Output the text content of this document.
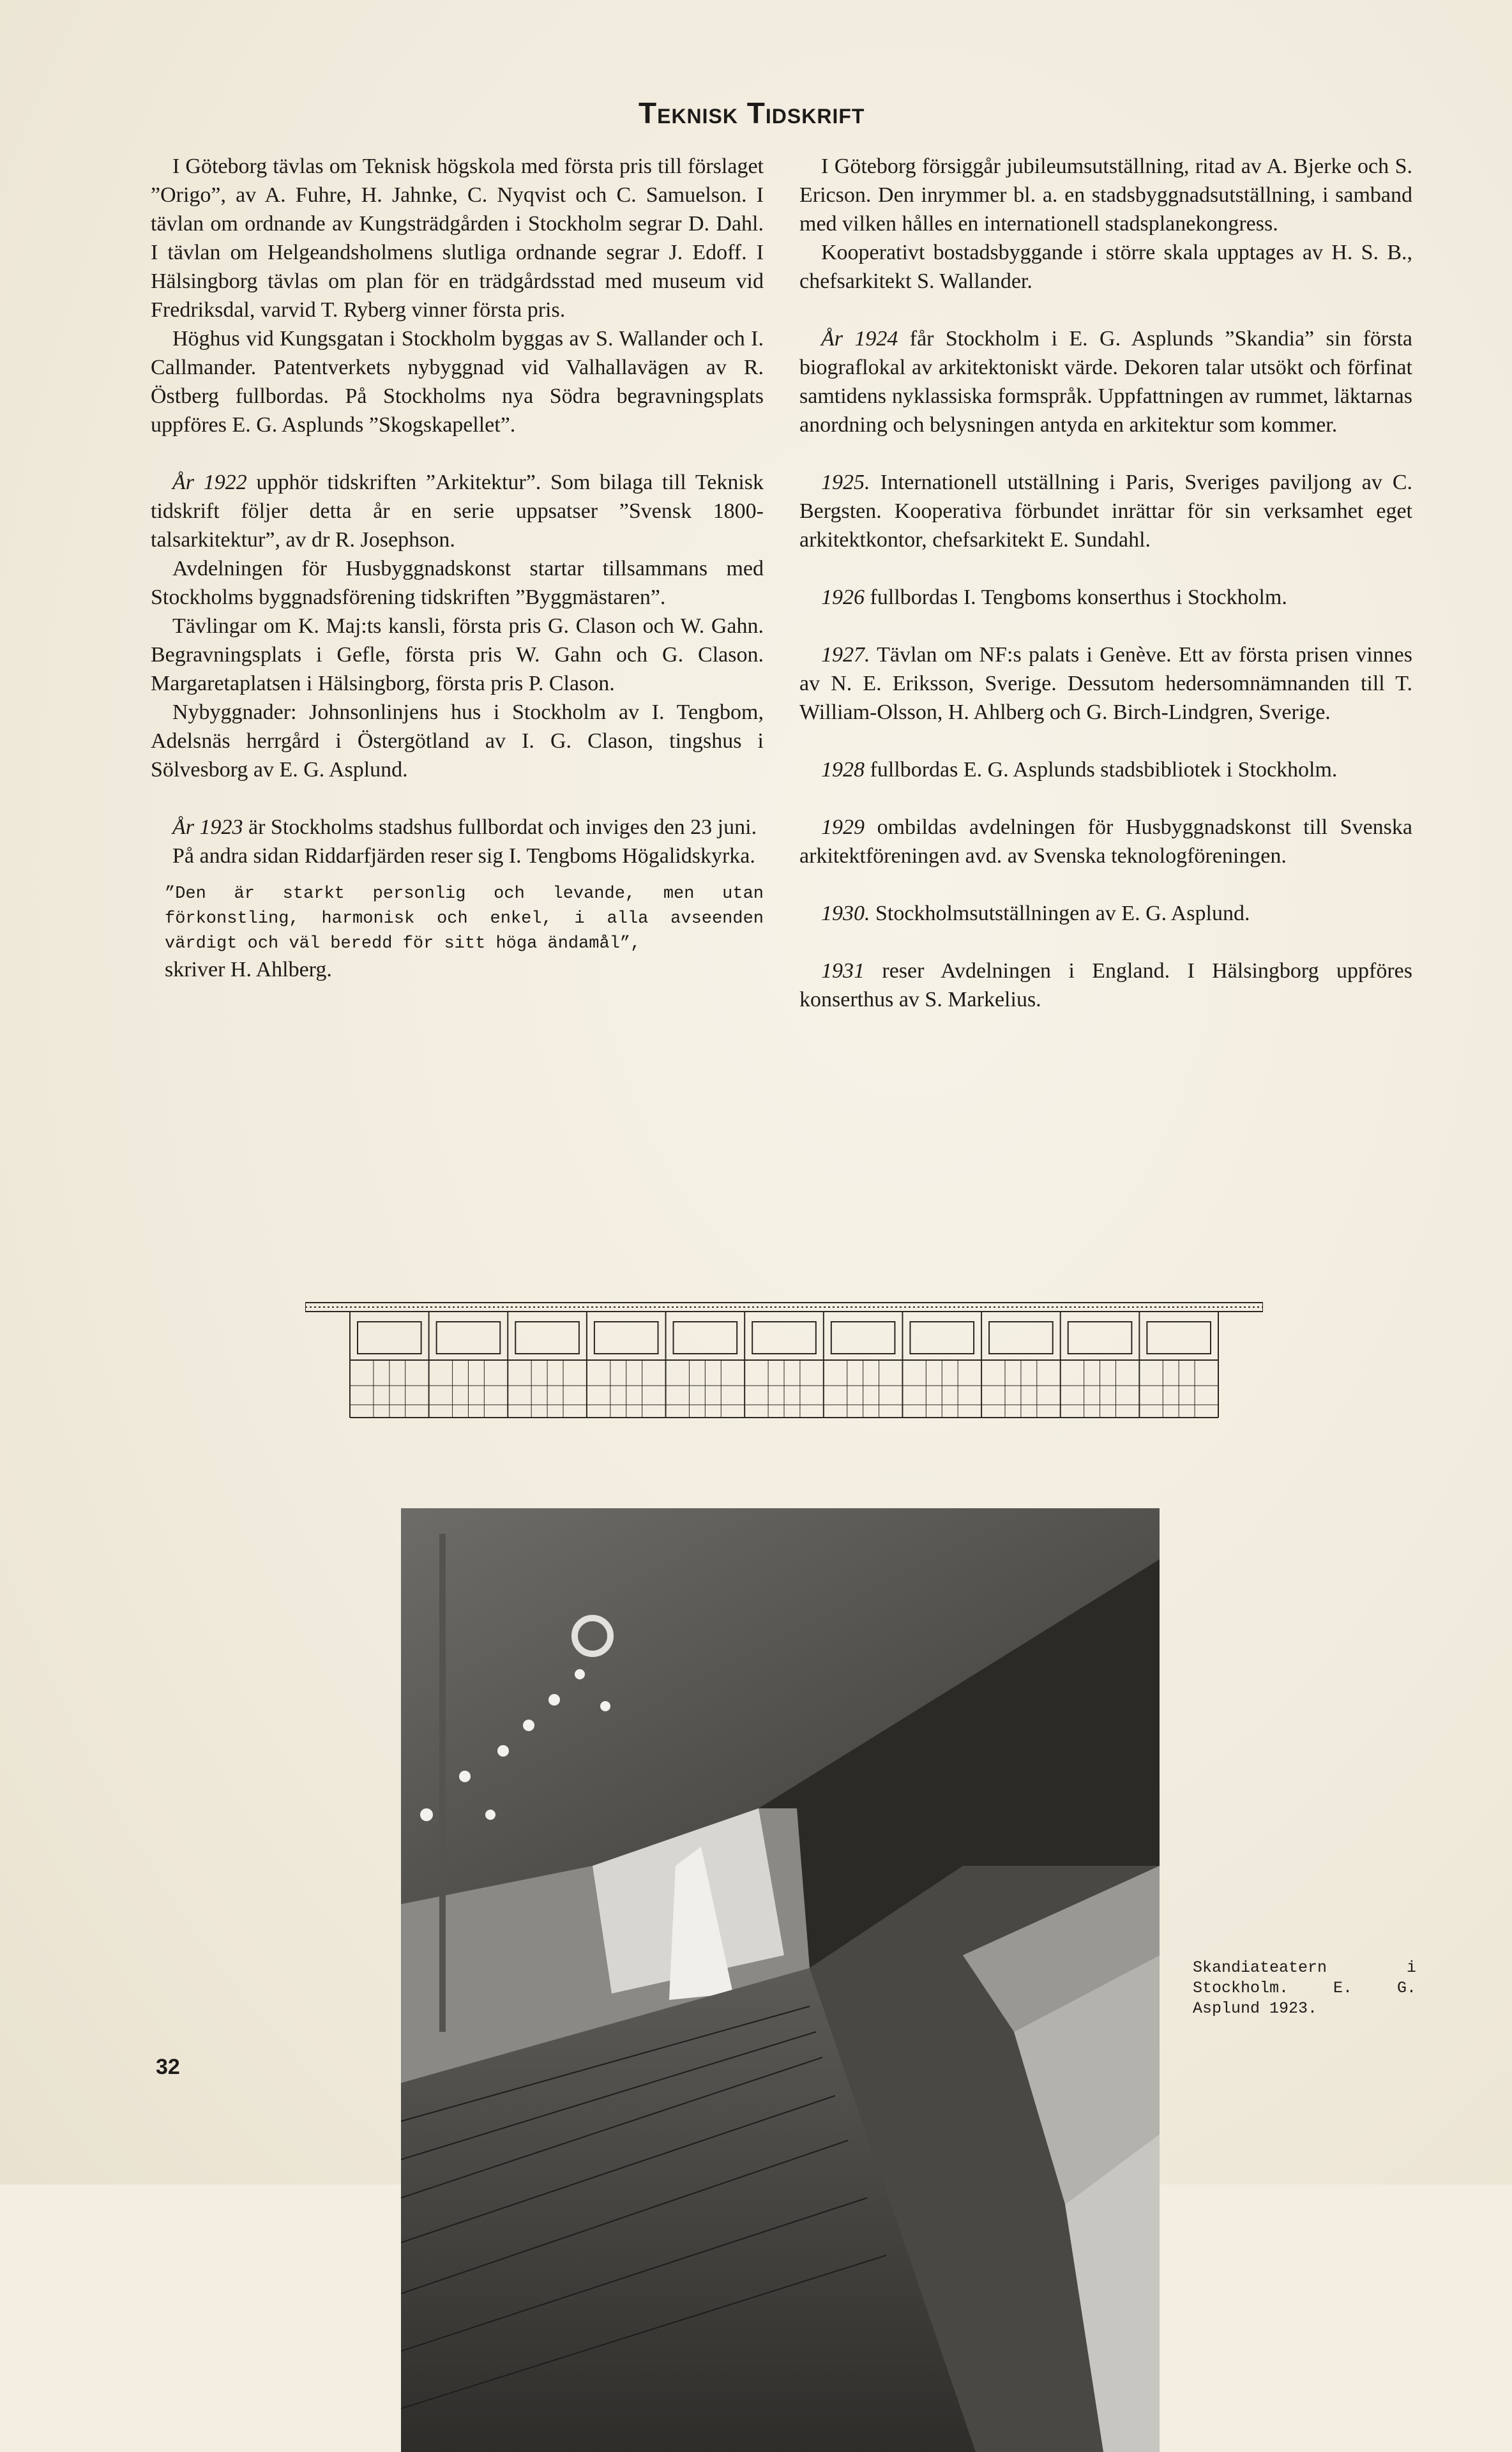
Teknisk Tidskrift

I Göteborg tävlas om Teknisk högskola med första pris till förslaget ”Origo”, av A. Fuhre, H. Jahnke, C. Nyqvist och C. Samuelson. I tävlan om ordnande av Kungsträdgården i Stockholm segrar D. Dahl. I tävlan om Helgeandsholmens slutliga ordnande segrar J. Edoff. I Hälsingborg tävlas om plan för en trädgårdsstad med museum vid Fredriksdal, varvid T. Ryberg vinner första pris.

Höghus vid Kungsgatan i Stockholm byggas av S. Wallander och I. Callmander. Patentverkets nybyggnad vid Valhallavägen av R. Östberg fullbordas. På Stockholms nya Södra begravningsplats uppföres E. G. Asplunds ”Skogskapellet”.

År 1922 upphör tidskriften ”Arkitektur”. Som bilaga till Teknisk tidskrift följer detta år en serie uppsatser ”Svensk 1800-talsarkitektur”, av dr R. Josephson.

Avdelningen för Husbyggnadskonst startar tillsammans med Stockholms byggnadsförening tidskriften ”Byggmästaren”.

Tävlingar om K. Maj:ts kansli, första pris G. Clason och W. Gahn. Begravningsplats i Gefle, första pris W. Gahn och G. Clason. Margaretaplatsen i Hälsingborg, första pris P. Clason.

Nybyggnader: Johnsonlinjens hus i Stockholm av I. Tengbom, Adelsnäs herrgård i Östergötland av I. G. Clason, tingshus i Sölvesborg av E. G. Asplund.

År 1923 är Stockholms stadshus fullbordat och inviges den 23 juni.

På andra sidan Riddarfjärden reser sig I. Tengboms Högalidskyrka.

”Den är starkt personlig och levande, men utan förkonstling, harmonisk och enkel, i alla avseenden värdigt och väl beredd för sitt höga ändamål”,
skriver H. Ahlberg.

I Göteborg försiggår jubileumsutställning, ritad av A. Bjerke och S. Ericson. Den inrymmer bl. a. en stadsbyggnadsutställning, i samband med vilken hålles en internationell stadsplanekongress.

Kooperativt bostadsbyggande i större skala upptages av H. S. B., chefsarkitekt S. Wallander.

År 1924 får Stockholm i E. G. Asplunds ”Skandia” sin första biograflokal av arkitektoniskt värde. Dekoren talar utsökt och förfinat samtidens nyklassiska formspråk. Uppfattningen av rummet, läktarnas anordning och belysningen antyda en arkitektur som kommer.

1925. Internationell utställning i Paris, Sveriges paviljong av C. Bergsten. Kooperativa förbundet inrättar för sin verksamhet eget arkitektkontor, chefsarkitekt E. Sundahl.

1926 fullbordas I. Tengboms konserthus i Stockholm.

1927. Tävlan om NF:s palats i Genève. Ett av första prisen vinnes av N. E. Eriksson, Sverige. Dessutom hedersomnämnanden till T. William-Olsson, H. Ahlberg och G. Birch-Lindgren, Sverige.

1928 fullbordas E. G. Asplunds stadsbibliotek i Stockholm.

1929 ombildas avdelningen för Husbyggnadskonst till Svenska arkitektföreningen avd. av Svenska teknologföreningen.

1930. Stockholmsutställningen av E. G. Asplund.

1931 reser Avdelningen i England. I Hälsingborg uppföres konserthus av S. Markelius.

Skandiateatern i Stockholm. E. G. Asplund 1923.
32
